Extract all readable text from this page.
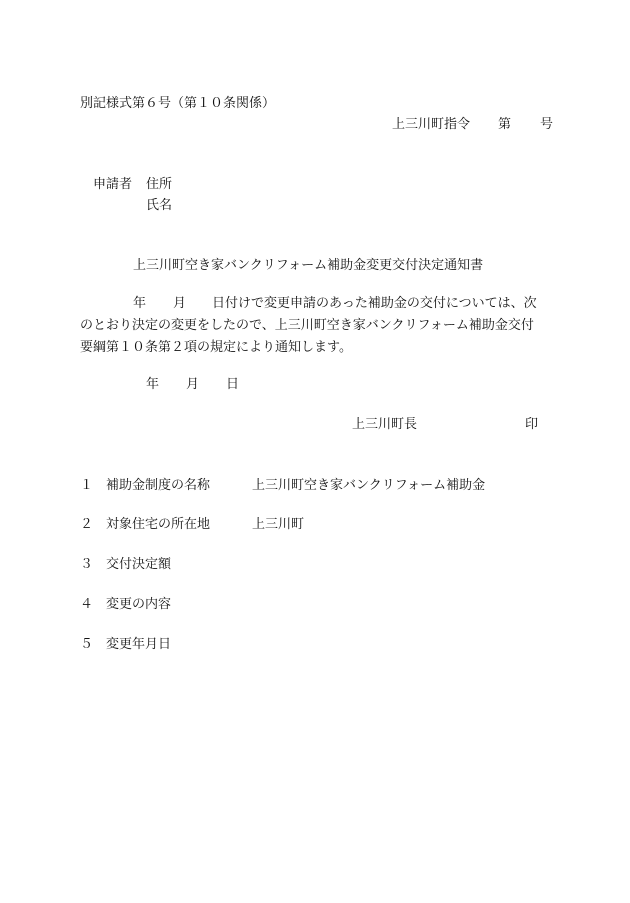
別記様式第６号（第１０条関係）
上三川町指令 第 号
申請者 住所
氏名
上三川町空き家バンクリフォーム補助金変更交付決定通知書
年 月 日付けで変更申請のあった補助金の交付については、次
のとおり決定の変更をしたので、上三川町空き家バンクリフォーム補助金交付
要綱第１０条第２項の規定により通知します。
年 月 日
上三川町長	印
１ 補助金制度の名称	上三川町空き家バンクリフォーム補助金
２ 対象住宅の所在地	上三川町
３ 交付決定額
４ 変更の内容
５ 変更年月日
